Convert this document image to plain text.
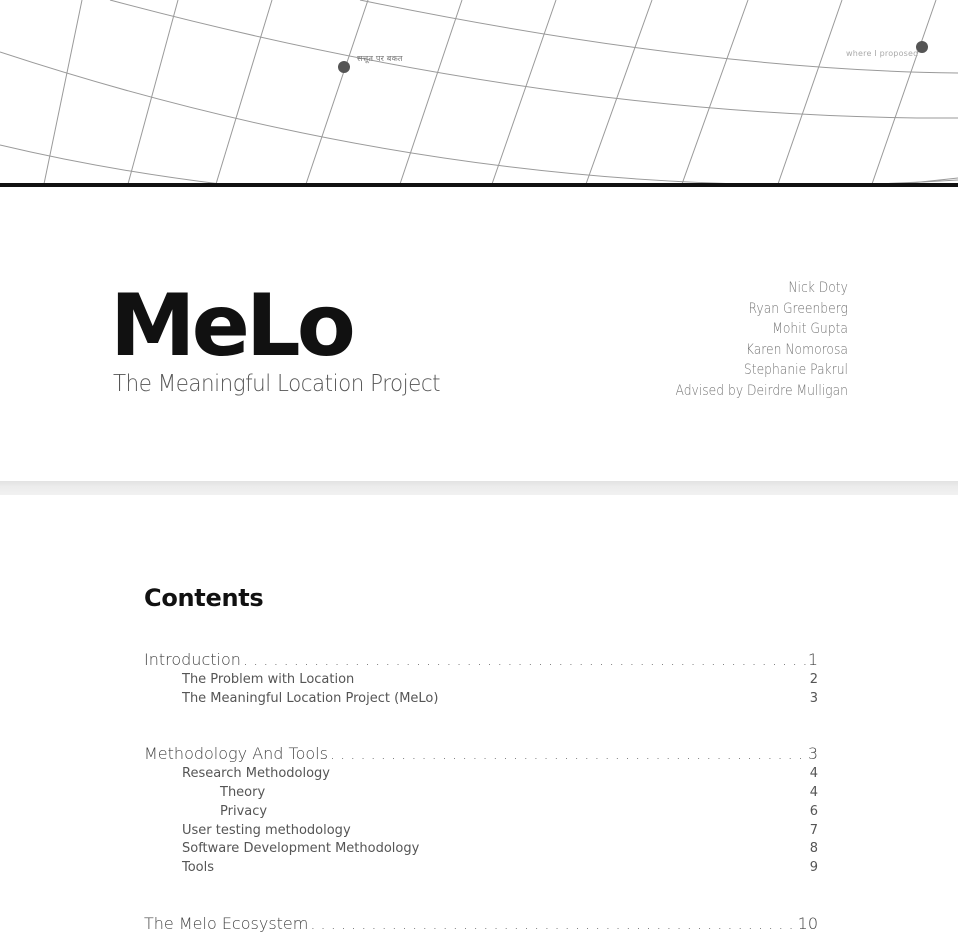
सत्तूत पर बकत
where I proposed
MeLo

The Meaningful Location Project

Nick Doty
Ryan Greenberg
Mohit Gupta
Karen Nomorosa
Stephanie Pakrul
Advised by Deirdre Mulligan
Contents
Introduction . . .	1
The Problem with Location	2
The Meaningful Location Project (MeLo)	3
Methodology And Tools . . .	3
Research Methodology	4
Theory	4
Privacy	6
User testing methodology	7
Software Development Methodology	8
Tools	9
The Melo Ecosystem . . .	10
